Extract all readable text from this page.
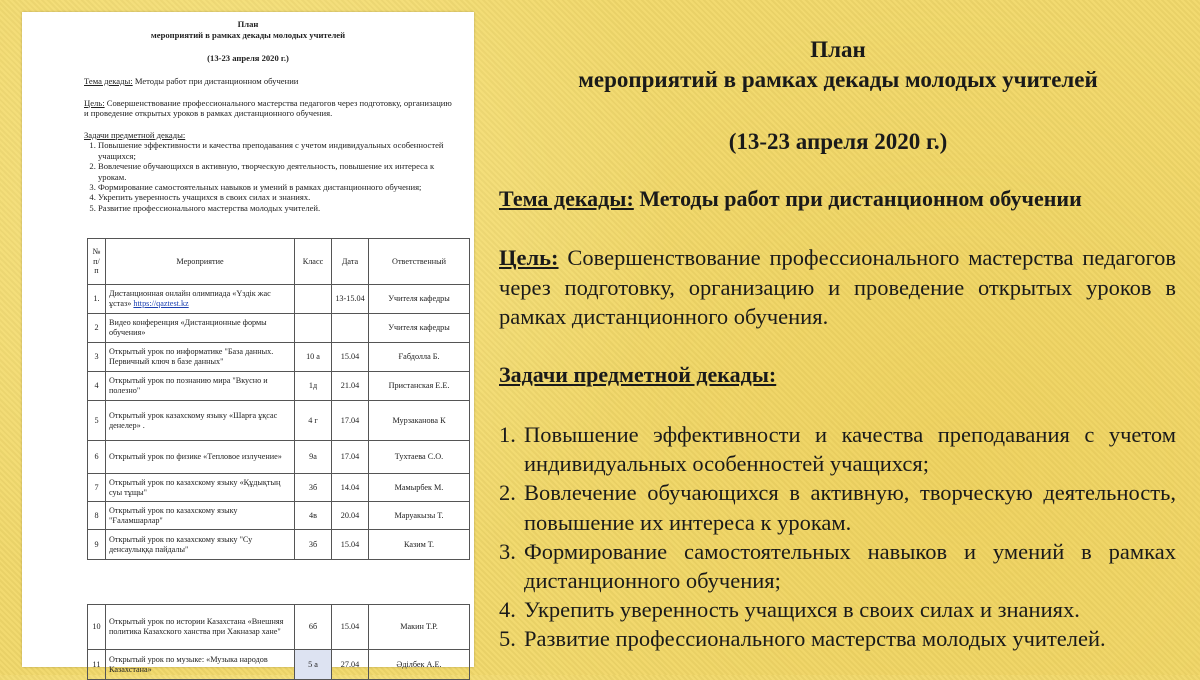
План
мероприятий в рамках декады молодых учителей
(13-23 апреля 2020 г.)
Тема декады: Методы работ при дистанционном обучении
Цель: Совершенствование профессионального мастерства педагогов через подготовку, организацию и проведение открытых уроков в рамках дистанционного обучения.
Задачи предметной декады:
1. Повышение эффективности и качества преподавания с учетом индивидуальных особенностей учащихся;
2. Вовлечение обучающихся в активную, творческую деятельность, повышение их интереса к урокам.
3. Формирование самостоятельных навыков и умений в рамках дистанционного обучения;
4. Укрепить уверенность учащихся в своих силах и знаниях.
5. Развитие профессионального мастерства молодых учителей.
№ п/п	Мероприятие	Класс	Дата	Ответственный
1.	Дистанционная онлайн олимпиада «Үздік жас ұстаз» https://qaztest.kz		13-15.04	Учителя кафедры
2	Видео конференция «Дистанционные формы обучения»			Учителя кафедры
3	Открытый урок по информатике "База данных. Первичный ключ в базе данных"	10 а	15.04	Ғабдолла Б.
4	Открытый урок по познанию мира "Вкусно и полезно"	1д	21.04	Пристанская Е.Е.
5	Открытый урок казахскому языку «Шарға ұқсас денелер» .	4 г	17.04	Мурзаканова К
6	Открытый урок по физике «Тепловое излучение»	9а	17.04	Тухтаева С.О.
7	Открытый урок по казахскому языку «Құдықтың суы тұщы"	3б	14.04	Мамырбек М.
8	Открытый урок по казахскому языку "Ғаламшарлар"	4в	20.04	Маруакызы Т.
9	Открытый урок по казахскому языку "Су денсаулыққа пайдалы"	3б	15.04	Казим Т.
10	Открытый урок по истории Казахстана «Внешняя политика Казахского ханства при Хакназар хане"	6б	15.04	Макин Т.Р.
11	Открытый урок по музыке: «Музыка народов Казахстана»	5 а	27.04	Әділбек А.Е.
План
мероприятий в рамках декады молодых учителей
(13-23 апреля 2020 г.)
Тема декады: Методы работ при дистанционном обучении
Цель: Совершенствование профессионального мастерства педагогов через подготовку, организацию и проведение открытых уроков в рамках дистанционного обучения.
Задачи предметной декады:
1. Повышение эффективности и качества преподавания с учетом индивидуальных особенностей учащихся;
2. Вовлечение обучающихся в активную, творческую деятельность, повышение их интереса к урокам.
3. Формирование самостоятельных навыков и умений в рамках дистанционного обучения;
4. Укрепить уверенность учащихся в своих силах и знаниях.
5. Развитие профессионального мастерства молодых учителей.
